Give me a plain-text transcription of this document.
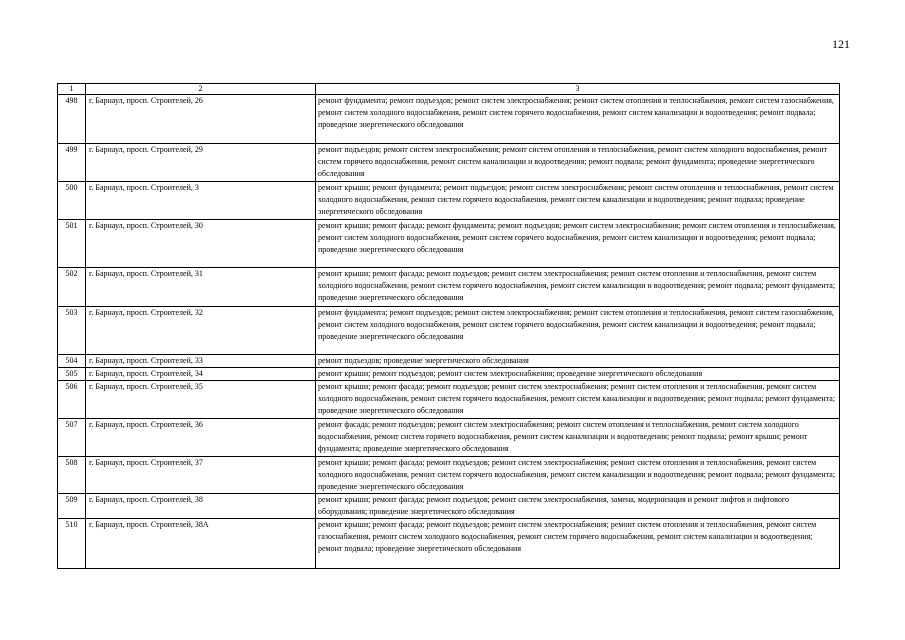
121
1	2	3
498	г. Барнаул, просп. Строителей, 26	ремонт фундамента; ремонт подъездов; ремонт систем электроснабжения; ремонт систем отопления и теплоснабжения, ремонт систем газоснабжения, ремонт систем холодного водоснабжения, ремонт систем горячего водоснабжения, ремонт систем канализации и водоотведения; ремонт подвала; проведение энергетического обследования
499	г. Барнаул, просп. Строителей, 29	ремонт подъездов; ремонт систем электроснабжения; ремонт систем отопления и теплоснабжения, ремонт систем холодного водоснабжения, ремонт систем горячего водоснабжения, ремонт систем канализации и водоотведения; ремонт подвала; ремонт фундамента; проведение энергетического обследования
500	г. Барнаул, просп. Строителей, 3	ремонт крыши; ремонт фундамента; ремонт подъездов; ремонт систем электроснабжения; ремонт систем отопления и теплоснабжения, ремонт систем холодного водоснабжения, ремонт систем горячего водоснабжения, ремонт систем канализации и водоотведения; ремонт подвала; проведение энергетического обследования
501	г. Барнаул, просп. Строителей, 30	ремонт крыши; ремонт фасада; ремонт фундамента; ремонт подъездов; ремонт систем электроснабжения; ремонт систем отопления и теплоснабжения, ремонт систем холодного водоснабжения, ремонт систем горячего водоснабжения, ремонт систем канализации и водоотведения; ремонт подвала; проведение энергетического обследования
502	г. Барнаул, просп. Строителей, 31	ремонт крыши; ремонт фасада; ремонт подъездов; ремонт систем электроснабжения; ремонт систем отопления и теплоснабжения, ремонт систем холодного водоснабжения, ремонт систем горячего водоснабжения, ремонт систем канализации и водоотведения; ремонт подвала; ремонт фундамента; проведение энергетического обследования
503	г. Барнаул, просп. Строителей, 32	ремонт фундамента; ремонт подъездов; ремонт систем электроснабжения; ремонт систем отопления и теплоснабжения, ремонт систем газоснабжения, ремонт систем холодного водоснабжения, ремонт систем горячего водоснабжения, ремонт систем канализации и водоотведения; ремонт подвала; проведение энергетического обследования
504	г. Барнаул, просп. Строителей, 33	ремонт подъездов; проведение энергетического обследования
505	г. Барнаул, просп. Строителей, 34	ремонт крыши; ремонт подъездов; ремонт систем электроснабжения; проведение энергетического обследования
506	г. Барнаул, просп. Строителей, 35	ремонт крыши; ремонт фасада; ремонт подъездов; ремонт систем электроснабжения; ремонт систем отопления и теплоснабжения, ремонт систем холодного водоснабжения, ремонт систем горячего водоснабжения, ремонт систем канализации и водоотведения; ремонт подвала; ремонт фундамента; проведение энергетического обследования
507	г. Барнаул, просп. Строителей, 36	ремонт фасада; ремонт подъездов; ремонт систем электроснабжения; ремонт систем отопления и теплоснабжения, ремонт систем холодного водоснабжения, ремонт систем горячего водоснабжения, ремонт систем канализации и водоотведения; ремонт подвала; ремонт крыши; ремонт фундамента; проведение энергетического обследования
508	г. Барнаул, просп. Строителей, 37	ремонт крыши; ремонт фасада; ремонт подъездов; ремонт систем электроснабжения; ремонт систем отопления и теплоснабжения, ремонт систем холодного водоснабжения, ремонт систем горячего водоснабжения, ремонт систем канализации и водоотведения; ремонт подвала; ремонт фундамента; проведение энергетического обследования
509	г. Барнаул, просп. Строителей, 38	ремонт крыши; ремонт фасада; ремонт подъездов; ремонт систем электроснабжения, замена, модернизация и ремонт лифтов и лифтового оборудования; проведение энергетического обследования
510	г. Барнаул, просп. Строителей, 38А	ремонт крыши; ремонт фасада; ремонт подъездов; ремонт систем электроснабжения; ремонт систем отопления и теплоснабжения, ремонт систем газоснабжения, ремонт систем холодного водоснабжения, ремонт систем горячего водоснабжения, ремонт систем канализации и водоотведения; ремонт подвала; проведение энергетического обследования
